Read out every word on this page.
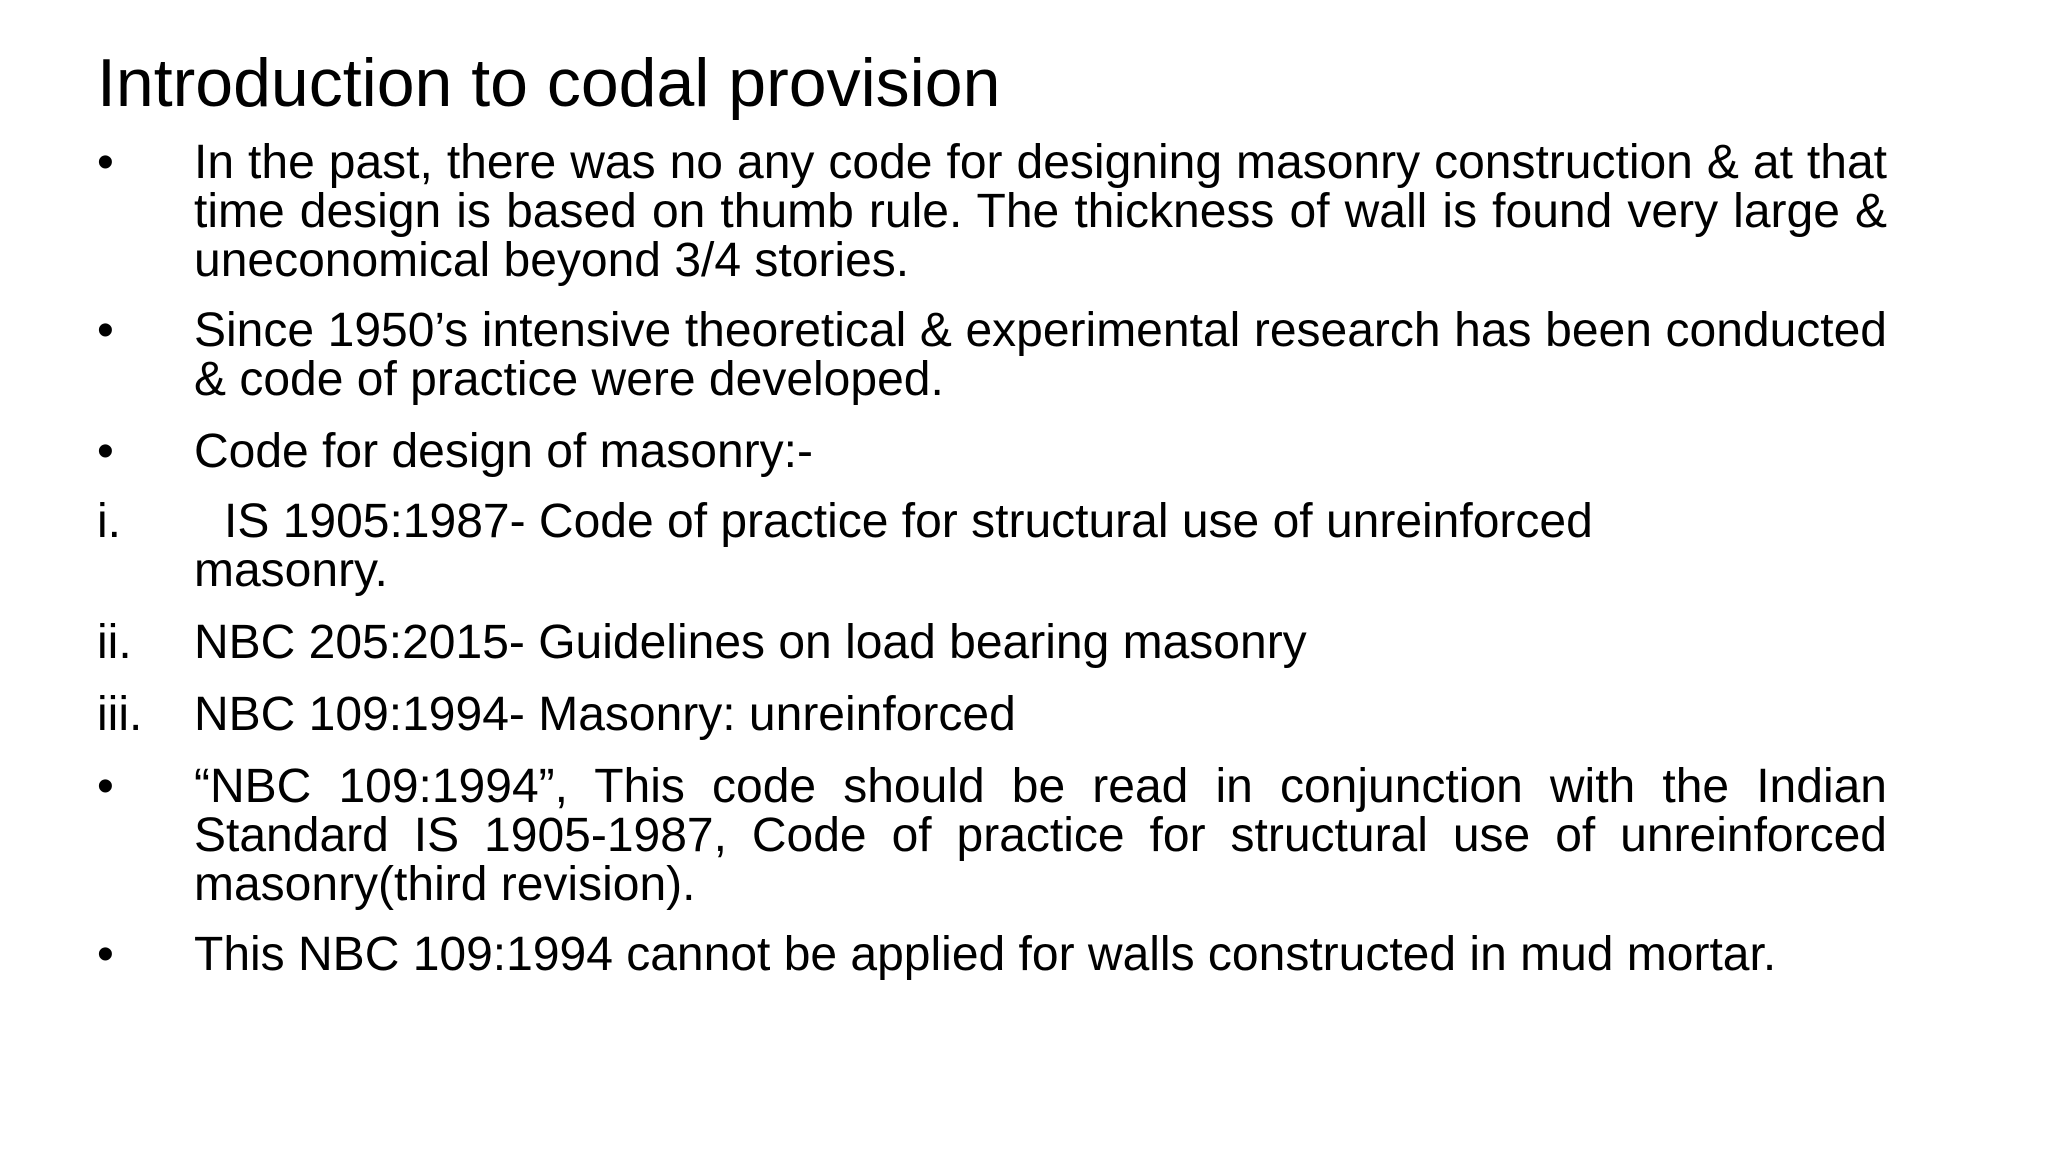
Introduction to codal provision
•	In the past, there was no any code for designing masonry construction & at that time design is based on thumb rule. The thickness of wall is found very large & uneconomical beyond 3/4 stories.
•	Since 1950’s intensive theoretical & experimental research has been conducted & code of practice were developed.
•	Code for design of masonry:-
i.	IS 1905:1987- Code of practice for structural use of unreinforced masonry.
ii.	NBC 205:2015- Guidelines on load bearing masonry
iii.	NBC 109:1994- Masonry: unreinforced
•	“NBC 109:1994”, This code should be read in conjunction with the Indian Standard IS 1905-1987, Code of practice for structural use of unreinforced masonry(third revision).
•	This NBC 109:1994 cannot be applied for walls constructed in mud mortar.
